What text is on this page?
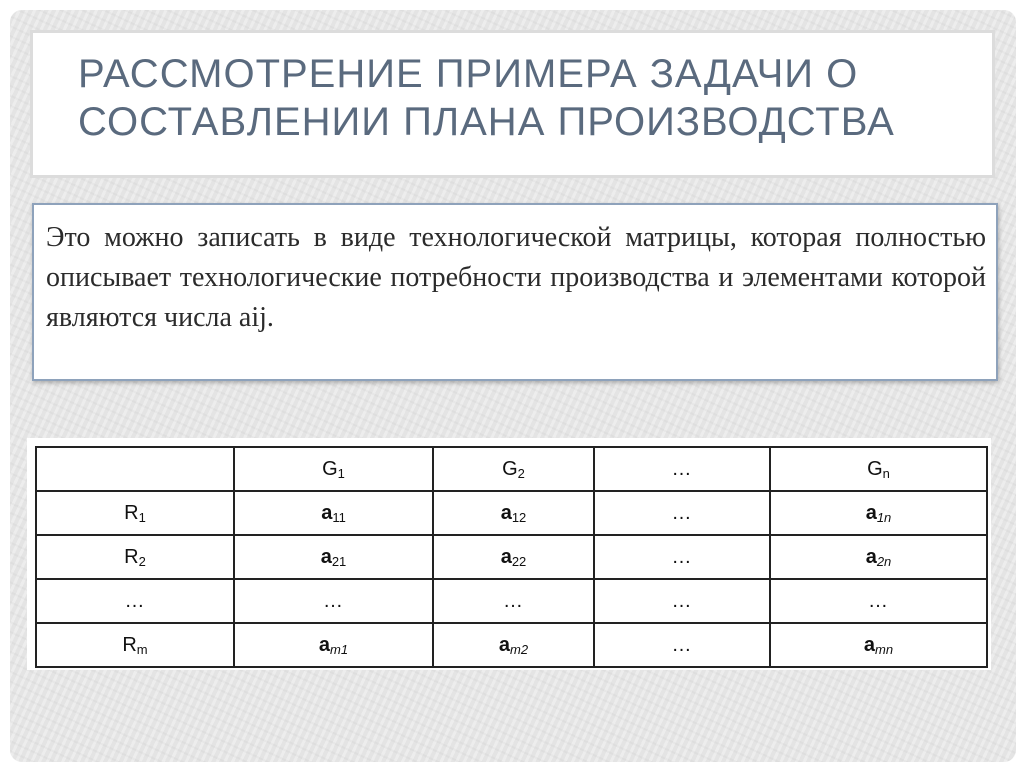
РАССМОТРЕНИЕ ПРИМЕРА ЗАДАЧИ О СОСТАВЛЕНИИ ПЛАНА ПРОИЗВОДСТВА

Это можно записать в виде технологической матрицы, которая полностью описывает технологические потребности производства и элементами которой являются числа aij.

	$G_1$	$G_2$	…	$G_n$
$R_1$	$a_{11}$	$a_{12}$	…	$a_{1n}$
$R_2$	$a_{21}$	$a_{22}$	…	$a_{2n}$
…	…	…	…	…
$R_m$	$a_{m1}$	$a_{m2}$	…	$a_{mn}$
